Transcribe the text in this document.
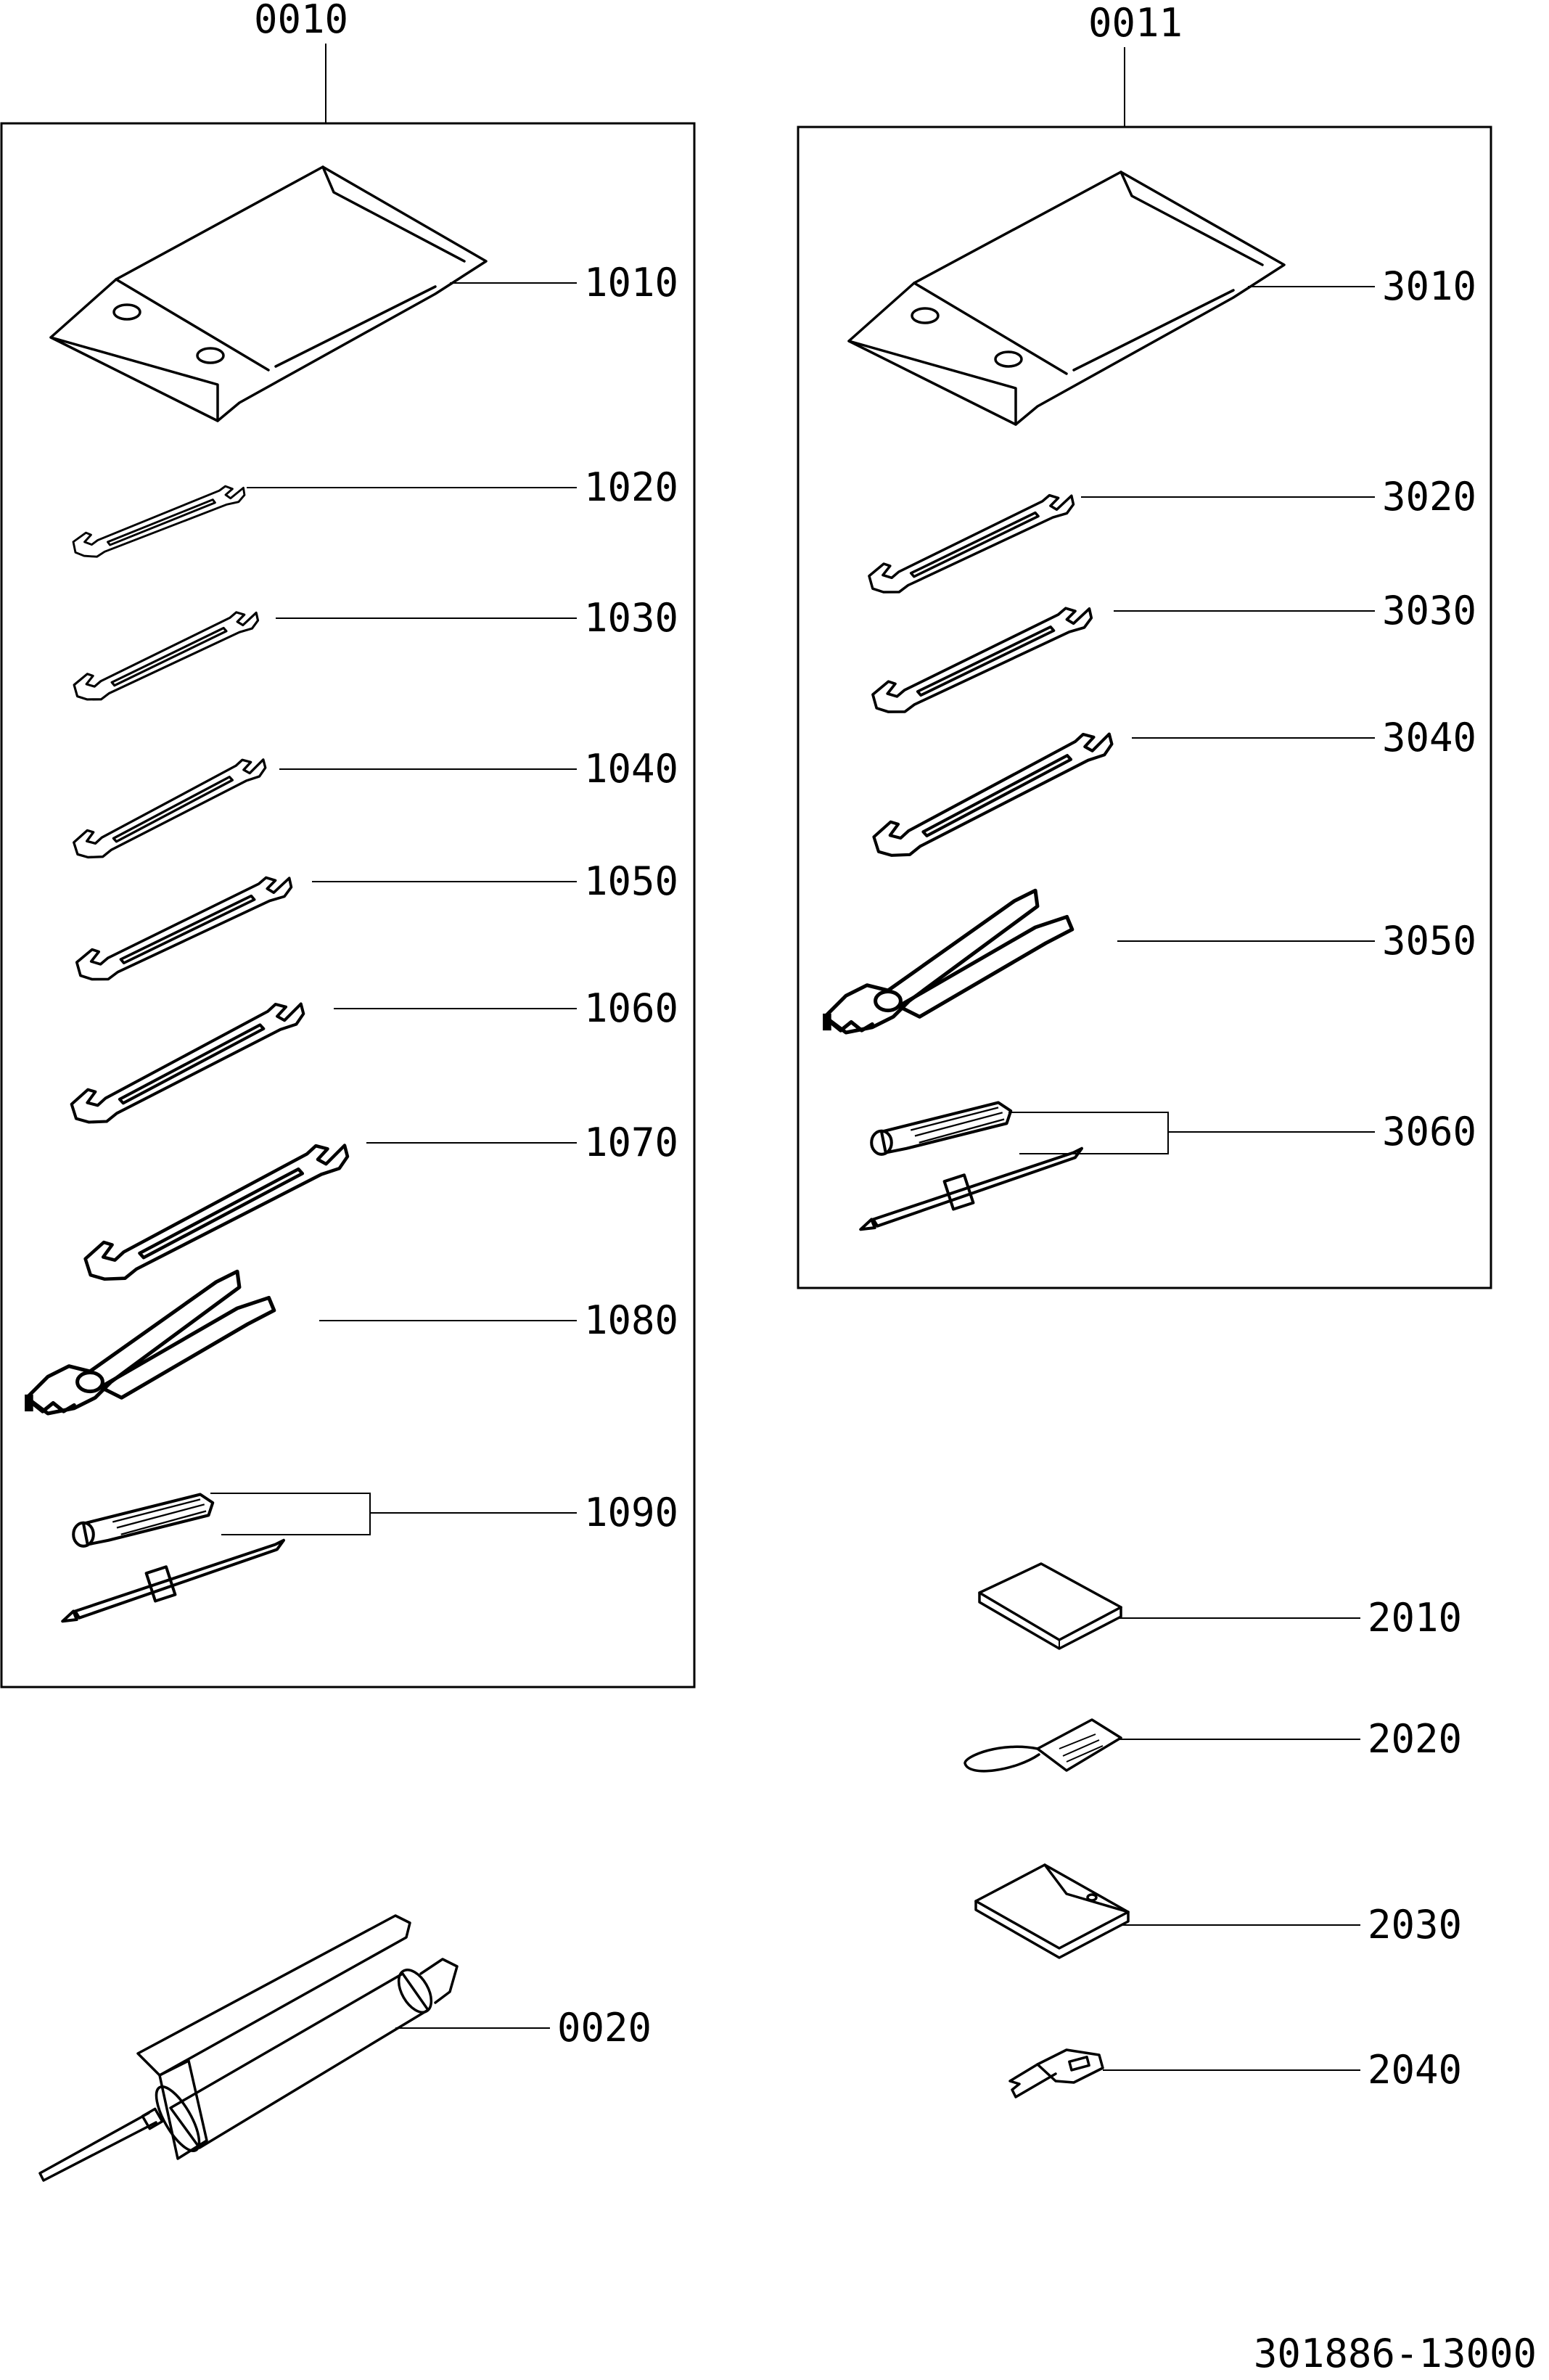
0010
1010
1020
1030
1040
1050
1060
1070
1080
1090
0011
3010
3020
3030
3040
3050
3060
2010
2020
2030
2040
0020
301886-13000
